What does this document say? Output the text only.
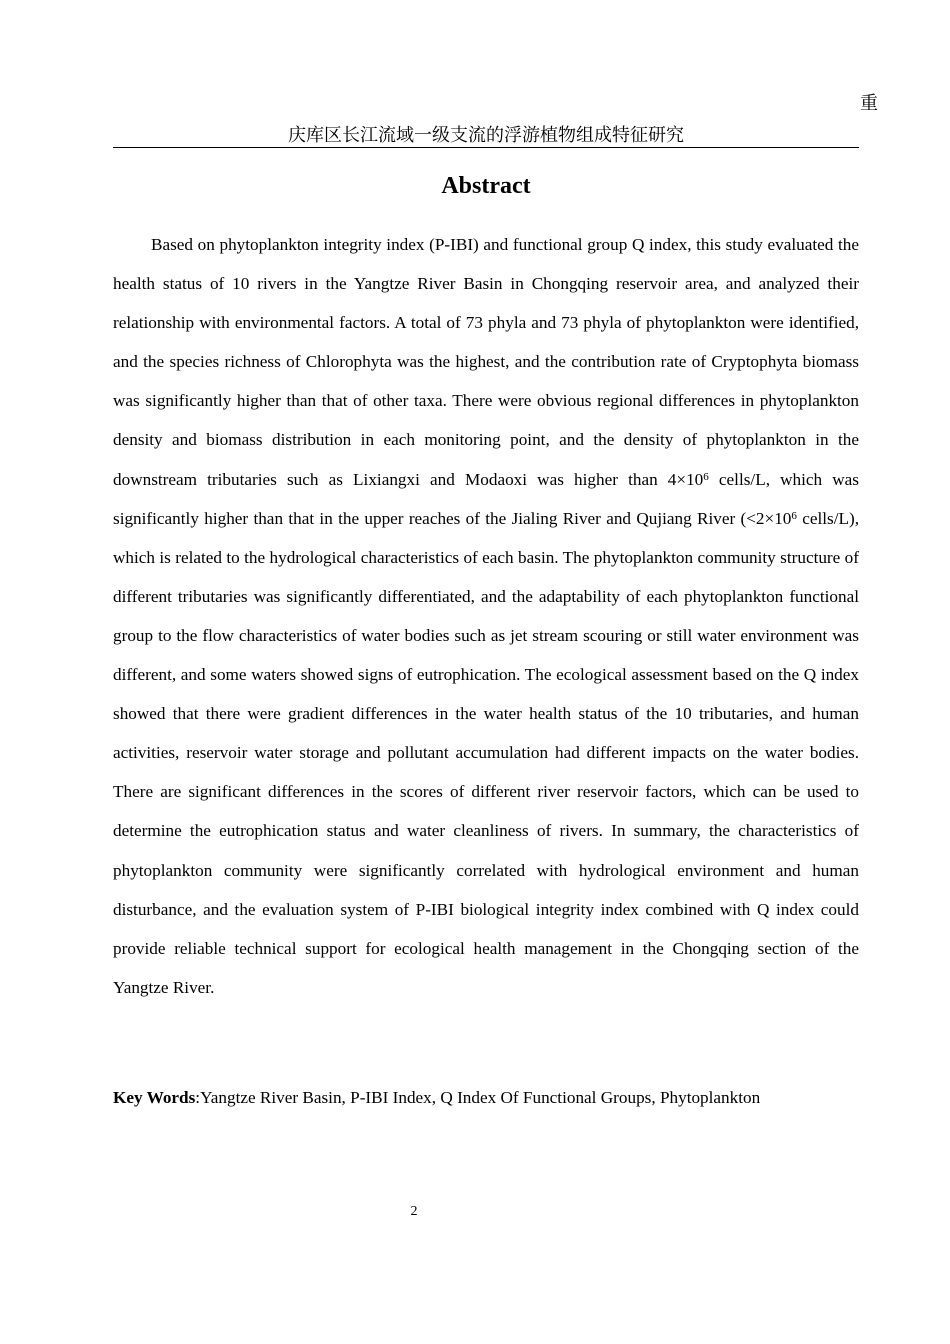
重
庆库区长江流域一级支流的浮游植物组成特征研究
Abstract

Based on phytoplankton integrity index (P-IBI) and functional group Q index, this study evaluated the health status of 10 rivers in the Yangtze River Basin in Chongqing reservoir area, and analyzed their relationship with environmental factors. A total of 73 phyla and 73 phyla of phytoplankton were identified, and the species richness of Chlorophyta was the highest, and the contribution rate of Cryptophyta biomass was significantly higher than that of other taxa. There were obvious regional differences in phytoplankton density and biomass distribution in each monitoring point, and the density of phytoplankton in the downstream tributaries such as Lixiangxi and Modaoxi was higher than $4\times 10^6$ cells/L, which was significantly higher than that in the upper reaches of the Jialing River and Qujiang River ($<2\times 10^6$ cells/L), which is related to the hydrological characteristics of each basin. The phytoplankton community structure of different tributaries was significantly differentiated, and the adaptability of each phytoplankton functional group to the flow characteristics of water bodies such as jet stream scouring or still water environment was different, and some waters showed signs of eutrophication. The ecological assessment based on the Q index showed that there were gradient differences in the water health status of the 10 tributaries, and human activities, reservoir water storage and pollutant accumulation had different impacts on the water bodies. There are significant differences in the scores of different river reservoir factors, which can be used to determine the eutrophication status and water cleanliness of rivers. In summary, the characteristics of phytoplankton community were significantly correlated with hydrological environment and human disturbance, and the evaluation system of P-IBI biological integrity index combined with Q index could provide reliable technical support for ecological health management in the Chongqing section of the Yangtze River.

Key Words:Yangtze River Basin, P-IBI Index, Q Index Of Functional Groups, Phytoplankton

2
